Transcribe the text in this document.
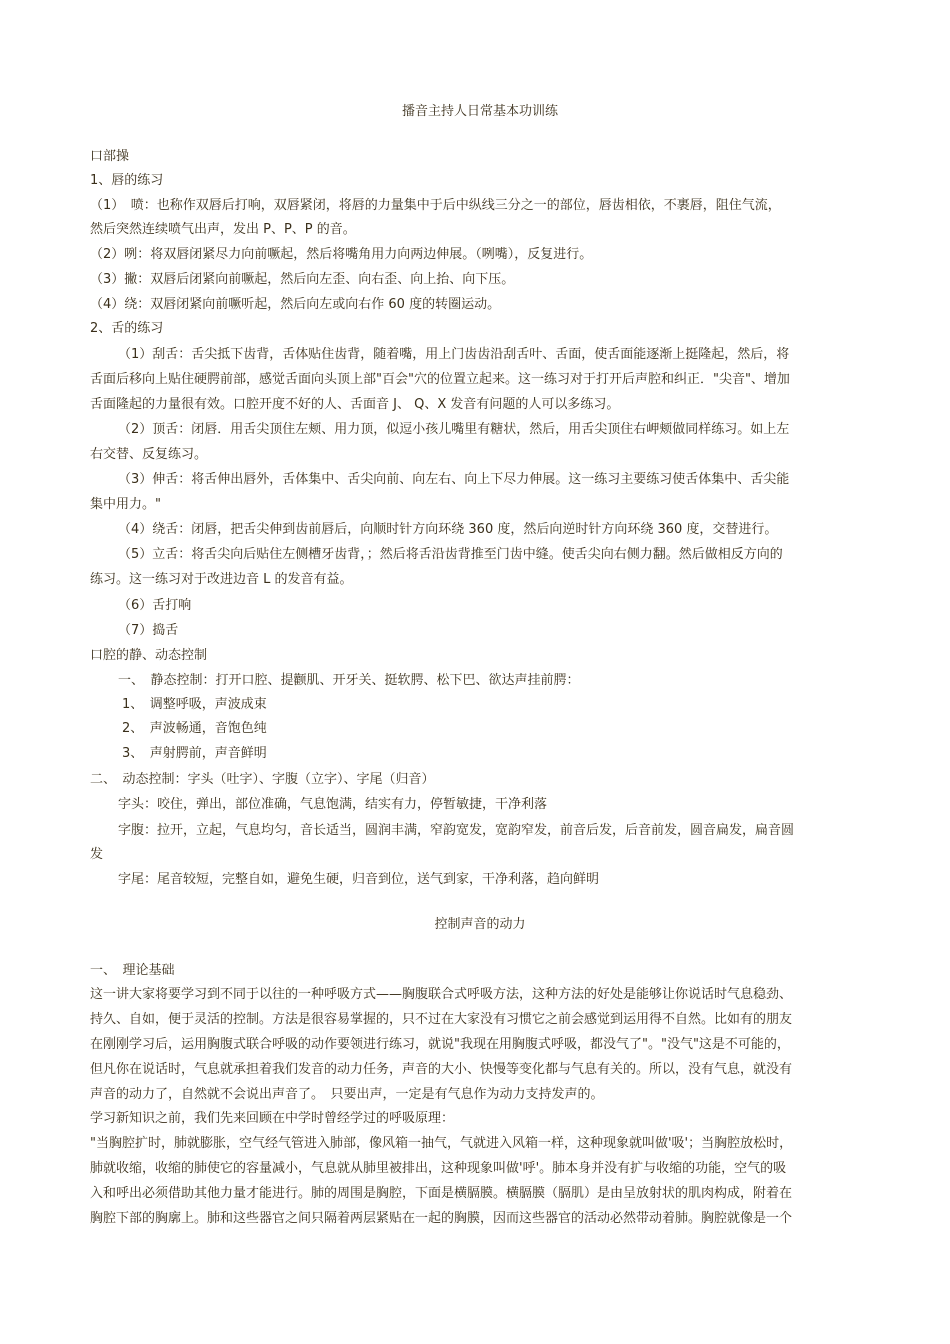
播音主持人日常基本功训练
口部操
1、唇的练习
（1）　喷：也称作双唇后打响，双唇紧闭，将唇的力量集中于后中纵线三分之一的部位，唇齿相依，不裹唇，阻住气流，
然后突然连续喷气出声，发出 P、P、P 的音。
（2）咧：将双唇闭紧尽力向前噘起，然后将嘴角用力向两边伸展。（咧嘴），反复进行。
（3）撇：双唇后闭紧向前噘起，然后向左歪、向右歪、向上抬、向下压。
（4）绕：双唇闭紧向前噘听起，然后向左或向右作 60 度的转圈运动。
2、舌的练习
（1）刮舌：舌尖抵下齿背，舌体贴住齿背，随着嘴，用上门齿齿沿刮舌叶、舌面，使舌面能逐渐上挺隆起，然后，将
舌面后移向上贴住硬腭前部，感觉舌面向头顶上部"百会"穴的位置立起来。这一练习对于打开后声腔和纠正．"尖音"、增加
舌面隆起的力量很有效。口腔开度不好的人、舌面音 J、 Q、X 发音有问题的人可以多练习。
（2）顶舌：闭唇．用舌尖顶住左颊、用力顶，似逗小孩儿嘴里有糖状，然后，用舌尖顶住右岬颊做同样练习。如上左
右交替、反复练习。
（3）伸舌：将舌伸出唇外，舌体集中、舌尖向前、向左右、向上下尽力伸展。这一练习主要练习使舌体集中、舌尖能
集中用力。"
（4）绕舌：闭唇，把舌尖伸到齿前唇后，向顺时针方向环绕 360 度，然后向逆时针方向环绕 360 度，交替进行。
（5）立舌：将舌尖向后贴住左侧槽牙齿背，；然后将舌沿齿背推至门齿中缝。使舌尖向右侧力翻。然后做相反方向的
练习。这一练习对于改进边音 L 的发音有益。
（6）舌打响
（7）捣舌
口腔的静、动态控制
一、　静态控制：打开口腔、提颧肌、开牙关、挺软腭、松下巴、欲达声挂前腭：
1、　调整呼吸，声波成束
2、　声波畅通，音饱色纯
3、　声射腭前，声音鲜明
二、　动态控制：字头（吐字）、字腹（立字）、字尾（归音）
字头：咬住，弹出，部位准确，气息饱满，结实有力，停暂敏捷，干净利落
字腹：拉开，立起，气息均匀，音长适当，圆润丰满，窄韵宽发，宽韵窄发，前音后发，后音前发，圆音扁发，扁音圆
发
字尾：尾音较短，完整自如，避免生硬，归音到位，送气到家，干净利落，趋向鲜明
控制声音的动力
一、　理论基础
这一讲大家将要学习到不同于以往的一种呼吸方式——胸腹联合式呼吸方法，这种方法的好处是能够让你说话时气息稳劲、
持久、自如，便于灵活的控制。方法是很容易掌握的，只不过在大家没有习惯它之前会感觉到运用得不自然。比如有的朋友
在刚刚学习后，运用胸腹式联合呼吸的动作要领进行练习，就说"我现在用胸腹式呼吸，都没气了"。"没气"这是不可能的，
但凡你在说话时，气息就承担着我们发音的动力任务，声音的大小、快慢等变化都与气息有关的。所以，没有气息，就没有
声音的动力了，自然就不会说出声音了。　只要出声，一定是有气息作为动力支持发声的。
学习新知识之前，我们先来回顾在中学时曾经学过的呼吸原理：
"当胸腔扩时，肺就膨胀，空气经气管进入肺部，像风箱一抽气，气就进入风箱一样，这种现象就叫做'吸'；当胸腔放松时，
肺就收缩，收缩的肺使它的容量减小，气息就从肺里被排出，这种现象叫做'呼'。肺本身并没有扩与收缩的功能，空气的吸
入和呼出必须借助其他力量才能进行。肺的周围是胸腔，下面是横膈膜。横膈膜（膈肌）是由呈放射状的肌肉构成，附着在
胸腔下部的胸廓上。肺和这些器官之间只隔着两层紧贴在一起的胸膜，因而这些器官的活动必然带动着肺。胸腔就像是一个
